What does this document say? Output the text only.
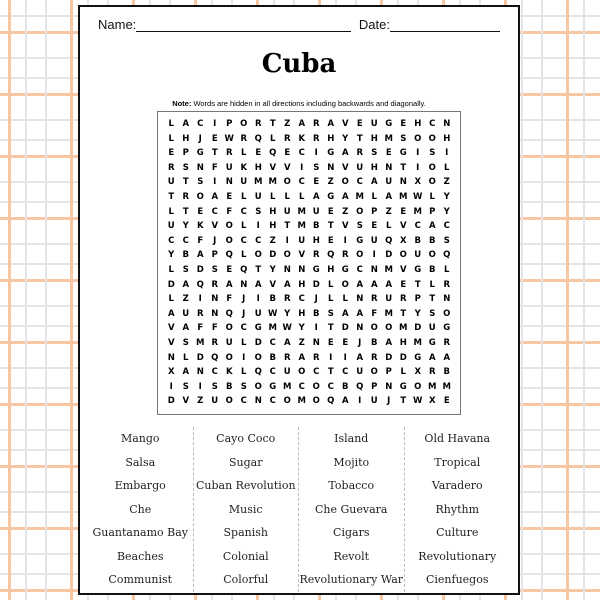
Name:	Date:
Cuba
Note: Words are hidden in all directions including backwards and diagonally.
L	A C	I	P O R T	Z A R A V E U G E H C N
L H	J	E W R Q L	R K R H Y	T H M S O O H
E P G T R	L	E Q E C	I	G A R S	E G	I	S	I
R S N F U K H V V	I	S N V U H N T	I	O L
U T	S	I	N U M M O C E	Z O C A U N X O Z
T R O A E	L U L	L	L	A G A M L	A M W L	Y
L	T	E C F C S H U M U E	Z O P Z	E M P Y
U Y K V O L	I	H T M B T V S	E	L	V C A C
C C F	J	O C C Z	I	U H E	I	G U Q X B B S
Y B A P Q L O D O V R Q R O	I	D O U O Q
L	S D S	E Q T	Y N N G H G C N M V G B	L
D A Q R A N A V A H D L O A A A E	T	L	R
L	Z	I	N F	J	I	B R C	J	L	L N R U R P T N
A U R N Q	J	U W Y H B S A A F M T	Y S O
V A F	F O C G M W Y	I	T D N O O M D U G
V S M R U L D C A Z N E	E	J	B A H M G R
N L D Q O	I	O B R A R	I	I	A R D D G A A
X A N C K L Q C U O C T C U O P	L	X R B
I	S	I	S B S O G M C O C B Q P N G O M M
D V Z U O C N C O M O Q A	I	U	J	T W X E
Mango
Salsa
Embargo
Che
Guantanamo Bay
Beaches
Communist
Cayo Coco
Sugar
Cuban Revolution
Music
Spanish
Colonial
Colorful
Island
Mojito
Tobacco
Che Guevara
Cigars
Revolt
Revolutionary War
Old Havana
Tropical
Varadero
Rhythm
Culture
Revolutionary
Cienfuegos
